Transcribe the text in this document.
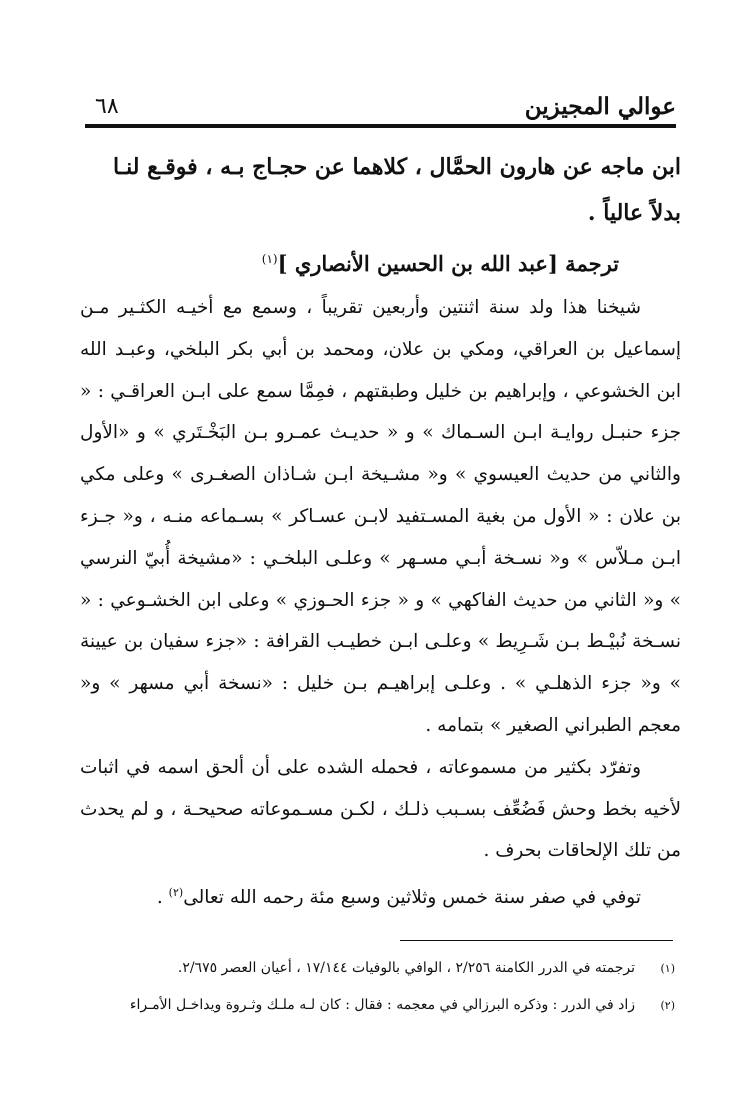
عوالي المجيزين
٦٨

ابن ماجه عن هارون الحمَّال ، كلاهما عن حجـاج بـه ، فوقـع لنـا

بدلاً عالياً .

ترجمة [عبد الله بن الحسين الأنصاري ]$^{(١)}$

شيخنا هذا ولد سنة اثنتين وأربعين تقريباً ، وسمع مع أخيـه الكثـير مـن إسماعيل بن العراقي، ومكي بن علان، ومحمد بن أبي بكر البلخي، وعبـد الله ابن الخشوعي ، وإبراهيم بن خليل وطبقتهم ، فمِمَّا سمع على ابـن العراقـي : « جزء حنبـل روايـة ابـن السـماك » و « حديـث عمـرو بـن البَخْـتَري » و «الأول والثاني من حديث العيسوي » و« مشـيخة ابـن شـاذان الصغـرى » وعلى مكي بن علان : « الأول من بغية المسـتفيد لابـن عسـاكر » بسـماعه منـه ، و« جـزء ابـن مـلاّس » و« نسـخة أبـي مسـهر » وعلـى البلخـي : «مشيخة أُبيّ النرسي » و« الثاني من حديث الفاكهي » و « جزء الحـوزي » وعلى ابن الخشـوعي : « نسـخة نُبيْـط بـن شَـرِيط » وعلـى ابـن خطيـب القرافة : «جزء سفيان بن عيينة » و« جزء الذهلـي » . وعلـى إبراهيـم بـن خليل : «نسخة أبي مسهر » و« معجم الطبراني الصغير » بتمامه .

وتفرّد بكثير من مسموعاته ، فحمله الشده على أن ألحق اسمه في اثبات لأخيه بخط وحش فَضُعِّف بسـبب ذلـك ، لكـن مسـموعاته صحيحـة ، و لم يحدث من تلك الإلحاقات بحرف .

توفي في صفر سنة خمس وثلاثين وسبع مئة رحمه الله تعالى$^{(٢)}$ .

(١)
ترجمته في الدرر الكامنة ٢/٢٥٦ ، الوافي بالوفيات ١٧/١٤٤ ، أعيان العصر ٢/٦٧٥.
(٢)
زاد في الدرر : وذكره البرزالي في معجمه : فقال : كان لـه ملـك وثـروة ويداخـل الأمـراء
